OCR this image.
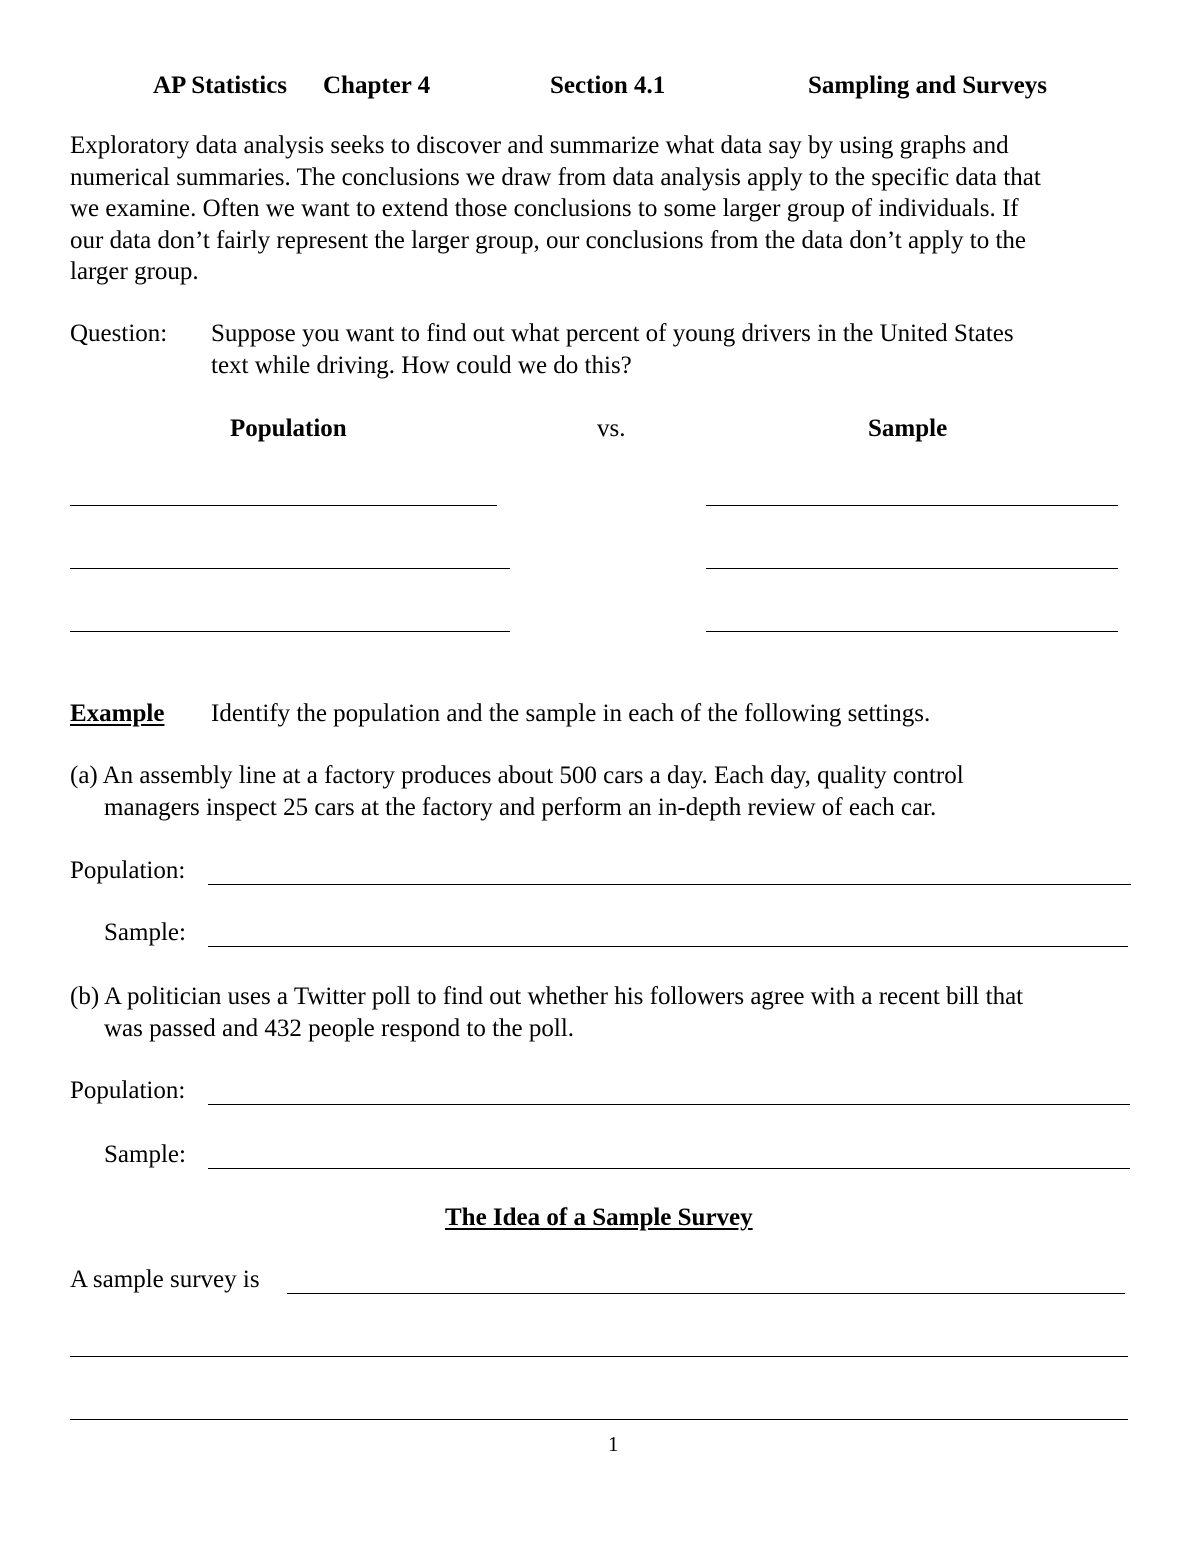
AP Statistics Chapter 4	Section 4.1	Sampling and Surveys
Exploratory data analysis seeks to discover and summarize what data say by using graphs and
numerical summaries. The conclusions we draw from data analysis apply to the specific data that
we examine. Often we want to extend those conclusions to some larger group of individuals. If
our data don’t fairly represent the larger group, our conclusions from the data don’t apply to the
larger group.
Question: Suppose you want to find out what percent of young drivers in the United States
text while driving. How could we do this?
Population	vs.	Sample
Example Identify the population and the sample in each of the following settings.
(a) An assembly line at a factory produces about 500 cars a day. Each day, quality control
managers inspect 25 cars at the factory and perform an in-depth review of each car.
Population:
Sample:
(b) A politician uses a Twitter poll to find out whether his followers agree with a recent bill that
was passed and 432 people respond to the poll.
Population:
Sample:
The Idea of a Sample Survey
A sample survey is
1
